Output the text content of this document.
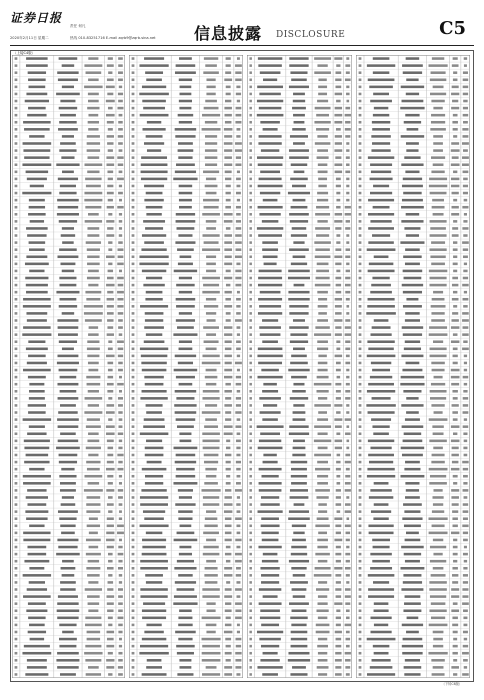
证券日报
责任 何凡
2020年2月11日 星期二	热线 010-83251716 E-mail zqrb9@zqrb.sina.net 信息披露 DISCLOSURE	C5
（上接C4版）
（下转C6版）
